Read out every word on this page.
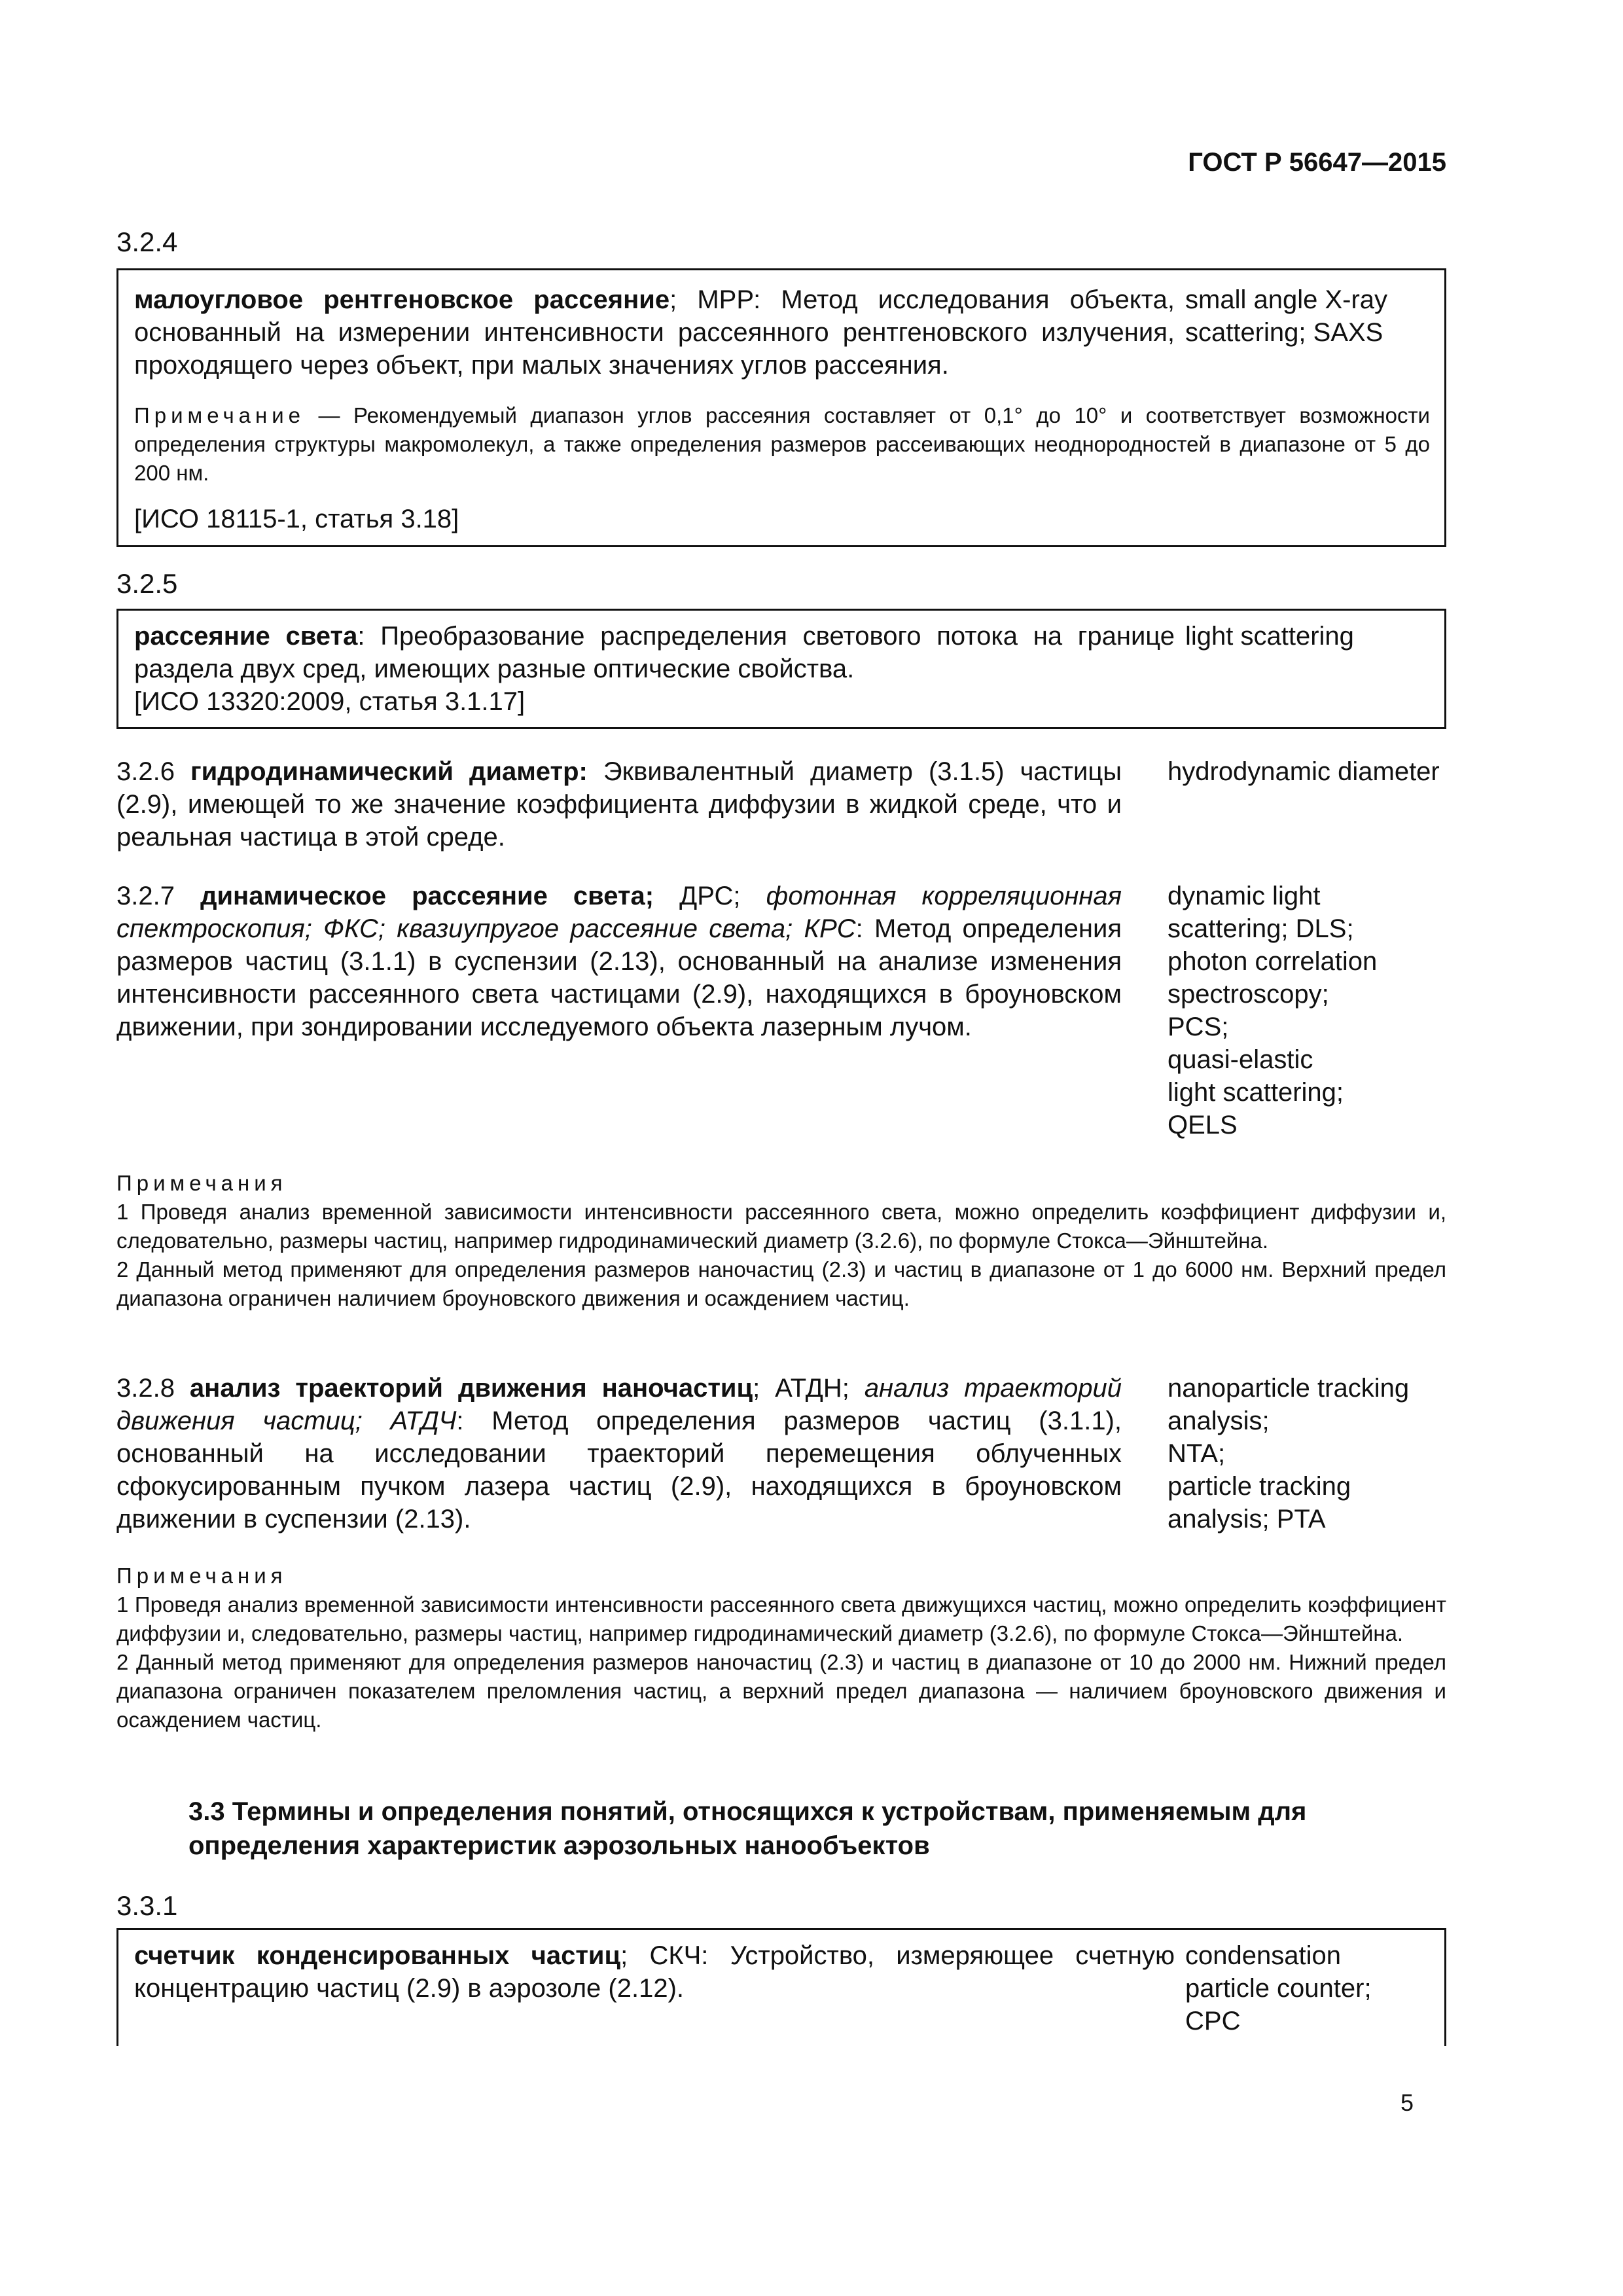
ГОСТ Р 56647—2015
3.2.4
малоугловое рентгеновское рассеяние; МРР: Метод исследования объекта, основанный на измерении интенсивности рассеянного рентгеновского излучения, проходящего через объект, при малых значениях углов рассеяния.
small angle X-ray scattering; SAXS
Примечание — Рекомендуемый диапазон углов рассеяния составляет от 0,1° до 10° и соответствует возможности определения структуры макромолекул, а также определения размеров рассеивающих неоднородностей в диапазоне от 5 до 200 нм.
[ИСО 18115-1, статья 3.18]
3.2.5
рассеяние света: Преобразование распределения светового потока на границе раздела двух сред, имеющих разные оптические свойства.
[ИСО 13320:2009, статья 3.1.17]
light scattering
3.2.6 гидродинамический диаметр: Эквивалентный диаметр (3.1.5) частицы (2.9), имеющей то же значение коэффициента диффузии в жидкой среде, что и реальная частица в этой среде.
hydrodynamic diameter
3.2.7 динамическое рассеяние света; ДРС; фотонная корреляционная спектроскопия; ФКС; квазиупругое рассеяние света; КРС: Метод определения размеров частиц (3.1.1) в суспензии (2.13), основанный на анализе изменения интенсивности рассеянного света частицами (2.9), находящихся в броуновском движении, при зондировании исследуемого объекта лазерным лучом.
dynamic light
scattering; DLS;
photon correlation
spectroscopy;
PCS;
quasi-elastic
light scattering;
QELS
Примечания
1 Проведя анализ временной зависимости интенсивности рассеянного света, можно определить коэффициент диффузии и, следовательно, размеры частиц, например гидродинамический диаметр (3.2.6), по формуле Стокса—Эйнштейна.
2 Данный метод применяют для определения размеров наночастиц (2.3) и частиц в диапазоне от 1 до 6000 нм. Верхний предел диапазона ограничен наличием броуновского движения и осаждением частиц.
3.2.8 анализ траекторий движения наночастиц; АТДН; анализ траекторий движения частиц; АТДЧ: Метод определения размеров частиц (3.1.1), основанный на исследовании траекторий перемещения облученных сфокусированным пучком лазера частиц (2.9), находящихся в броуновском движении в суспензии (2.13).
nanoparticle tracking
analysis;
NTA;
particle tracking
analysis; PTA
Примечания
1 Проведя анализ временной зависимости интенсивности рассеянного света движущихся частиц, можно определить коэффициент диффузии и, следовательно, размеры частиц, например гидродинамический диаметр (3.2.6), по формуле Стокса—Эйнштейна.
2 Данный метод применяют для определения размеров наночастиц (2.3) и частиц в диапазоне от 10 до 2000 нм. Нижний предел диапазона ограничен показателем преломления частиц, а верхний предел диапазона — наличием броуновского движения и осаждением частиц.
3.3 Термины и определения понятий, относящихся к устройствам, применяемым для определения характеристик аэрозольных нанообъектов
3.3.1
счетчик конденсированных частиц; СКЧ: Устройство, измеряющее счетную концентрацию частиц (2.9) в аэрозоле (2.12).
condensation
particle counter;
CPC
5
